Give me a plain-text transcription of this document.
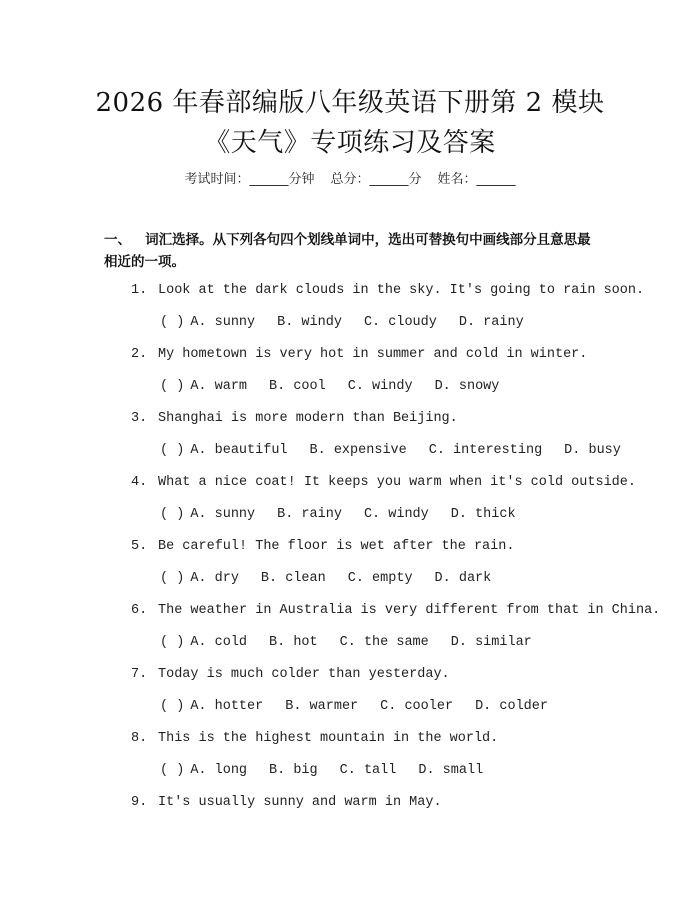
2026 年春部编版八年级英语下册第 2 模块
《天气》专项练习及答案
考试时间：______分钟 总分：______分 姓名：______
一、 词汇选择。从下列各句四个划线单词中，选出可替换句中画线部分且意思最相近的一项。
1. Look at the dark clouds in the sky. It's going to rain soon.
( ) A. sunny B. windy C. cloudy D. rainy
2. My hometown is very hot in summer and cold in winter.
( ) A. warm B. cool C. windy D. snowy
3. Shanghai is more modern than Beijing.
( ) A. beautiful B. expensive C. interesting D. busy
4. What a nice coat! It keeps you warm when it's cold outside.
( ) A. sunny B. rainy C. windy D. thick
5. Be careful! The floor is wet after the rain.
( ) A. dry B. clean C. empty D. dark
6. The weather in Australia is very different from that in China.
( ) A. cold B. hot C. the same D. similar
7. Today is much colder than yesterday.
( ) A. hotter B. warmer C. cooler D. colder
8. This is the highest mountain in the world.
( ) A. long B. big C. tall D. small
9. It's usually sunny and warm in May.
